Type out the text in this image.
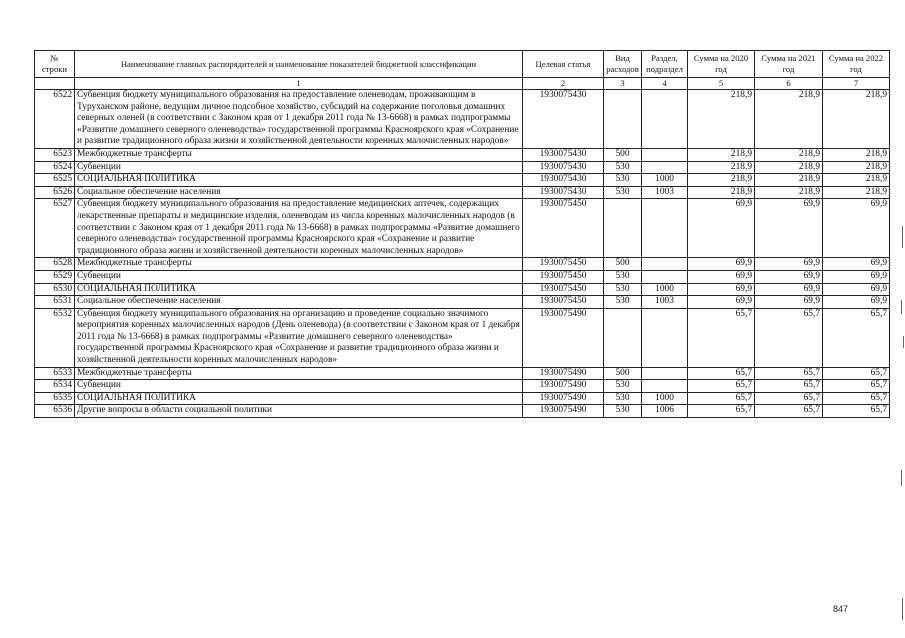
№ строки	Наименование главных распорядителей и наименование показателей бюджетной классификации	Целевая статья	Вид расходов	Раздел, подраздел	Сумма на 2020 год	Сумма на 2021 год	Сумма на 2022 год
	1	2	3	4	5	6	7
6522	Субвенция бюджету муниципального образования на предоставление оленеводам, проживающим в Туруханском районе, ведущим личное подсобное хозяйство, субсидий на содержание поголовья домашних северных оленей (в соответствии с Законом края от 1 декабря 2011 года № 13-6668) в рамках подпрограммы «Развитие домашнего северного оленеводства» государственной программы Красноярского края «Сохранение и развитие традиционного образа жизни и хозяйственной деятельности коренных малочисленных народов»	1930075430			218,9	218,9	218,9
6523	Межбюджетные трансферты	1930075430	500		218,9	218,9	218,9
6524	Субвенции	1930075430	530		218,9	218,9	218,9
6525	СОЦИАЛЬНАЯ ПОЛИТИКА	1930075430	530	1000	218,9	218,9	218,9
6526	Социальное обеспечение населения	1930075430	530	1003	218,9	218,9	218,9
6527	Субвенция бюджету муниципального образования на предоставление медицинских аптечек, содержащих лекарственные препараты и медицинские изделия, оленеводам из числа коренных малочисленных народов (в соответствии с Законом края от 1 декабря 2011 года № 13-6668) в рамках подпрограммы «Развитие домашнего северного оленеводства» государственной программы Красноярского края «Сохранение и развитие традиционного образа жизни и хозяйственной деятельности коренных малочисленных народов»	1930075450			69,9	69,9	69,9
6528	Межбюджетные трансферты	1930075450	500		69,9	69,9	69,9
6529	Субвенции	1930075450	530		69,9	69,9	69,9
6530	СОЦИАЛЬНАЯ ПОЛИТИКА	1930075450	530	1000	69,9	69,9	69,9
6531	Социальное обеспечение населения	1930075450	530	1003	69,9	69,9	69,9
6532	Субвенция бюджету муниципального образования на организацию и проведение социально значимого мероприятия коренных малочисленных народов (День оленевода) (в соответствии с Законом края от 1 декабря 2011 года № 13-6668) в рамках подпрограммы «Развитие домашнего северного оленеводства» государственной программы Красноярского края «Сохранение и развитие традиционного образа жизни и хозяйственной деятельности коренных малочисленных народов»	1930075490			65,7	65,7	65,7
6533	Межбюджетные трансферты	1930075490	500		65,7	65,7	65,7
6534	Субвенции	1930075490	530		65,7	65,7	65,7
6535	СОЦИАЛЬНАЯ ПОЛИТИКА	1930075490	530	1000	65,7	65,7	65,7
6536	Другие вопросы в области социальной политики	1930075490	530	1006	65,7	65,7	65,7
847
